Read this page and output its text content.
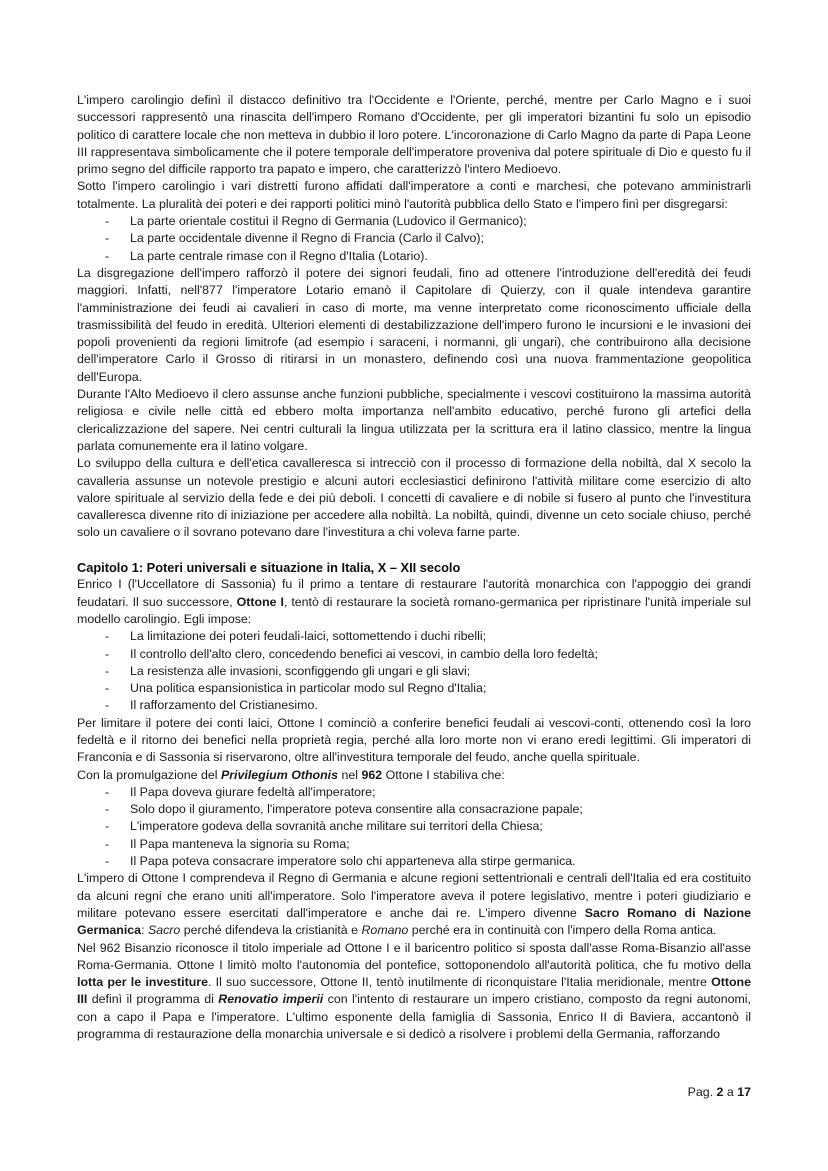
L'impero carolingio definì il distacco definitivo tra l'Occidente e l'Oriente, perché, mentre per Carlo Magno e i suoi successori rappresentò una rinascita dell'impero Romano d'Occidente, per gli imperatori bizantini fu solo un episodio politico di carattere locale che non metteva in dubbio il loro potere. L'incoronazione di Carlo Magno da parte di Papa Leone III rappresentava simbolicamente che il potere temporale dell'imperatore proveniva dal potere spirituale di Dio e questo fu il primo segno del difficile rapporto tra papato e impero, che caratterizzò l'intero Medioevo.

Sotto l'impero carolingio i vari distretti furono affidati dall'imperatore a conti e marchesi, che potevano amministrarli totalmente. La pluralità dei poteri e dei rapporti politici minò l'autorità pubblica dello Stato e l'impero finì per disgregarsi:

-	La parte orientale costituì il Regno di Germania (Ludovico il Germanico);
-	La parte occidentale divenne il Regno di Francia (Carlo il Calvo);
-	La parte centrale rimase con il Regno d'Italia (Lotario).

La disgregazione dell'impero rafforzò il potere dei signori feudali, fino ad ottenere l'introduzione dell'eredità dei feudi maggiori. Infatti, nell'877 l'imperatore Lotario emanò il Capitolare di Quierzy, con il quale intendeva garantire l'amministrazione dei feudi ai cavalieri in caso di morte, ma venne interpretato come riconoscimento ufficiale della trasmissibilità del feudo in eredità. Ulteriori elementi di destabilizzazione dell'impero furono le incursioni e le invasioni dei popoli provenienti da regioni limitrofe (ad esempio i saraceni, i normanni, gli ungari), che contribuirono alla decisione dell'imperatore Carlo il Grosso di ritirarsi in un monastero, definendo così una nuova frammentazione geopolitica dell'Europa.

Durante l'Alto Medioevo il clero assunse anche funzioni pubbliche, specialmente i vescovi costituirono la massima autorità religiosa e civile nelle città ed ebbero molta importanza nell'ambito educativo, perché furono gli artefici della clericalizzazione del sapere. Nei centri culturali la lingua utilizzata per la scrittura era il latino classico, mentre la lingua parlata comunemente era il latino volgare.

Lo sviluppo della cultura e dell'etica cavalleresca si intrecciò con il processo di formazione della nobiltà, dal X secolo la cavalleria assunse un notevole prestigio e alcuni autori ecclesiastici definirono l'attività militare come esercizio di alto valore spirituale al servizio della fede e dei più deboli. I concetti di cavaliere e di nobile si fusero al punto che l'investitura cavalleresca divenne rito di iniziazione per accedere alla nobiltà. La nobiltà, quindi, divenne un ceto sociale chiuso, perché solo un cavaliere o il sovrano potevano dare l'investitura a chi voleva farne parte.

Capitolo 1: Poteri universali e situazione in Italia, X – XII secolo

Enrico I (l'Uccellatore di Sassonia) fu il primo a tentare di restaurare l'autorità monarchica con l'appoggio dei grandi feudatari. Il suo successore, Ottone I, tentò di restaurare la società romano-germanica per ripristinare l'unità imperiale sul modello carolingio. Egli impose:

-	La limitazione dei poteri feudali-laici, sottomettendo i duchi ribelli;
-	Il controllo dell'alto clero, concedendo benefici ai vescovi, in cambio della loro fedeltà;
-	La resistenza alle invasioni, sconfiggendo gli ungari e gli slavi;
-	Una politica espansionistica in particolar modo sul Regno d'Italia;
-	Il rafforzamento del Cristianesimo.

Per limitare il potere dei conti laici, Ottone I cominciò a conferire benefici feudali ai vescovi-conti, ottenendo così la loro fedeltà e il ritorno dei benefici nella proprietà regia, perché alla loro morte non vi erano eredi legittimi. Gli imperatori di Franconia e di Sassonia si riservarono, oltre all'investitura temporale del feudo, anche quella spirituale.

Con la promulgazione del Privilegium Othonis nel 962 Ottone I stabiliva che:

-	Il Papa doveva giurare fedeltà all'imperatore;
-	Solo dopo il giuramento, l'imperatore poteva consentire alla consacrazione papale;
-	L'imperatore godeva della sovranità anche militare sui territori della Chiesa;
-	Il Papa manteneva la signoria su Roma;
-	Il Papa poteva consacrare imperatore solo chi apparteneva alla stirpe germanica.

L'impero di Ottone I comprendeva il Regno di Germania e alcune regioni settentrionali e centrali dell'Italia ed era costituito da alcuni regni che erano uniti all'imperatore. Solo l'imperatore aveva il potere legislativo, mentre i poteri giudiziario e militare potevano essere esercitati dall'imperatore e anche dai re. L'impero divenne Sacro Romano di Nazione Germanica: Sacro perché difendeva la cristianità e Romano perché era in continuità con l'impero della Roma antica.

Nel 962 Bisanzio riconosce il titolo imperiale ad Ottone I e il baricentro politico si sposta dall'asse Roma-Bisanzio all'asse Roma-Germania. Ottone I limitò molto l'autonomia del pontefice, sottoponendolo all'autorità politica, che fu motivo della lotta per le investiture. Il suo successore, Ottone II, tentò inutilmente di riconquistare l'Italia meridionale, mentre Ottone III definì il programma di Renovatio imperii con l'intento di restaurare un impero cristiano, composto da regni autonomi, con a capo il Papa e l'imperatore. L'ultimo esponente della famiglia di Sassonia, Enrico II di Baviera, accantonò il programma di restaurazione della monarchia universale e si dedicò a risolvere i problemi della Germania, rafforzando

Pag. 2 a 17
